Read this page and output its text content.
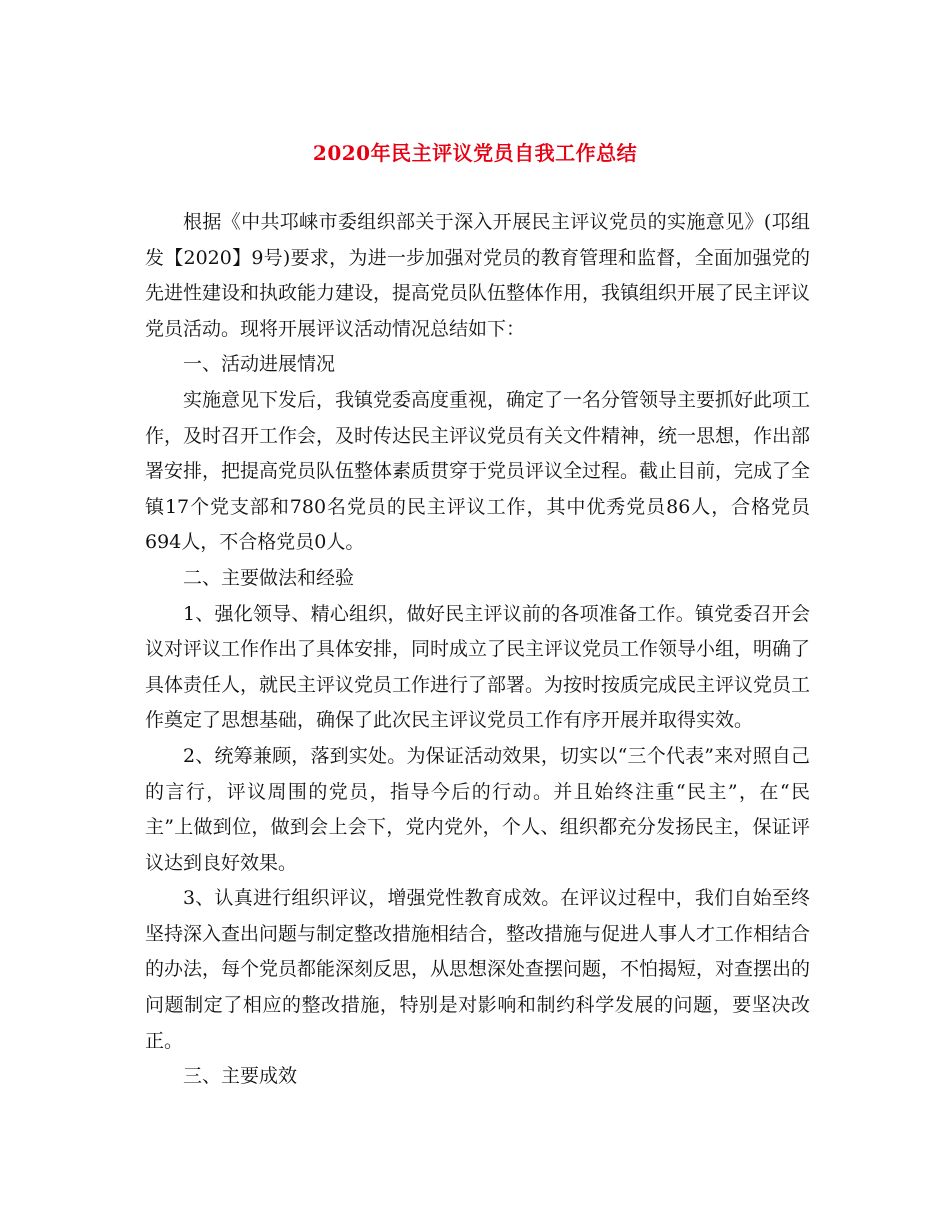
2020年民主评议党员自我工作总结

根据《中共邛崃市委组织部关于深入开展民主评议党员的实施意见》(邛组发【2020】9号)要求，为进一步加强对党员的教育管理和监督，全面加强党的先进性建设和执政能力建设，提高党员队伍整体作用，我镇组织开展了民主评议党员活动。现将开展评议活动情况总结如下：

一、活动进展情况

实施意见下发后，我镇党委高度重视，确定了一名分管领导主要抓好此项工作，及时召开工作会，及时传达民主评议党员有关文件精神，统一思想，作出部署安排，把提高党员队伍整体素质贯穿于党员评议全过程。截止目前，完成了全镇17个党支部和780名党员的民主评议工作，其中优秀党员86人，合格党员694人，不合格党员0人。

二、主要做法和经验

1、强化领导、精心组织，做好民主评议前的各项准备工作。镇党委召开会议对评议工作作出了具体安排，同时成立了民主评议党员工作领导小组，明确了具体责任人，就民主评议党员工作进行了部署。为按时按质完成民主评议党员工作奠定了思想基础，确保了此次民主评议党员工作有序开展并取得实效。

2、统筹兼顾，落到实处。为保证活动效果，切实以“三个代表”来对照自己的言行，评议周围的党员，指导今后的行动。并且始终注重“民主”，在“民主”上做到位，做到会上会下，党内党外，个人、组织都充分发扬民主，保证评议达到良好效果。

3、认真进行组织评议，增强党性教育成效。在评议过程中，我们自始至终坚持深入查出问题与制定整改措施相结合，整改措施与促进人事人才工作相结合的办法，每个党员都能深刻反思，从思想深处查摆问题，不怕揭短，对查摆出的问题制定了相应的整改措施，特别是对影响和制约科学发展的问题，要坚决改正。

三、主要成效
